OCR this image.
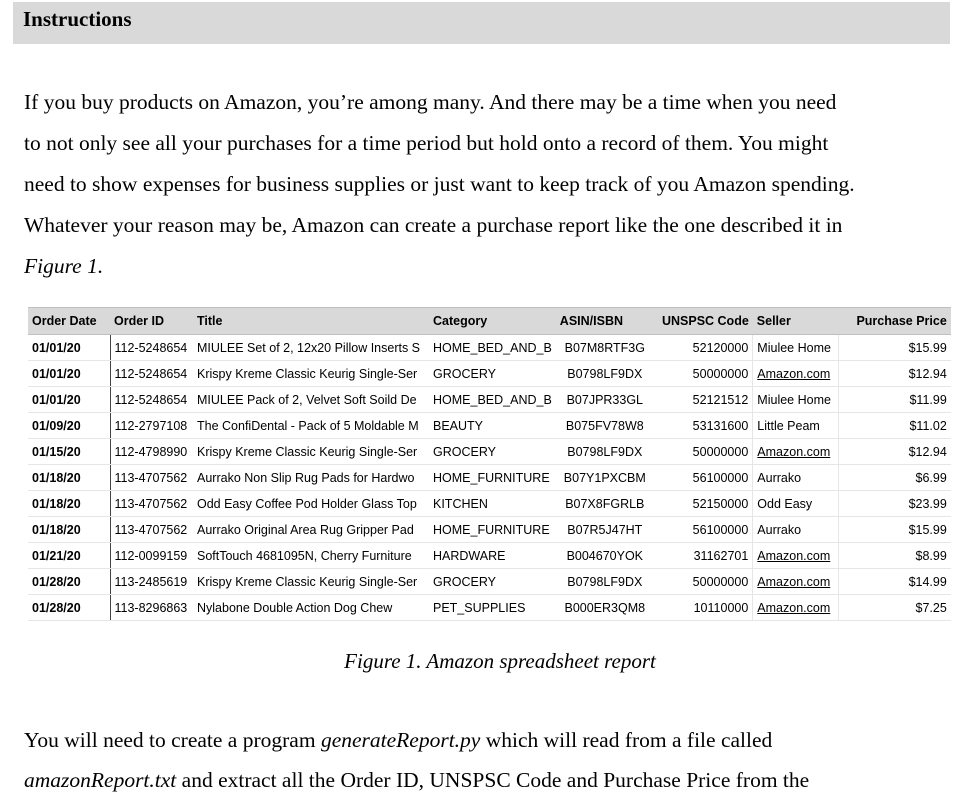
Instructions
If you buy products on Amazon, you’re among many. And there may be a time when you need
to not only see all your purchases for a time period but hold onto a record of them. You might
need to show expenses for business supplies or just want to keep track of you Amazon spending.
Whatever your reason may be, Amazon can create a purchase report like the one described it in
Figure 1.
Order Date	Order ID	Title	Category	ASIN/ISBN	UNSPSC Code	Seller	Purchase Price
01/01/20	112-5248654	MIULEE Set of 2, 12x20 Pillow Inserts S	HOME_BED_AND_B	B07M8RTF3G	52120000	Miulee Home	$15.99
01/01/20	112-5248654	Krispy Kreme Classic Keurig Single-Ser	GROCERY	B0798LF9DX	50000000	Amazon.com	$12.94
01/01/20	112-5248654	MIULEE Pack of 2, Velvet Soft Soild De	HOME_BED_AND_B	B07JPR33GL	52121512	Miulee Home	$11.99
01/09/20	112-2797108	The ConfiDental - Pack of 5 Moldable M	BEAUTY	B075FV78W8	53131600	Little Peam	$11.02
01/15/20	112-4798990	Krispy Kreme Classic Keurig Single-Ser	GROCERY	B0798LF9DX	50000000	Amazon.com	$12.94
01/18/20	113-4707562	Aurrako Non Slip Rug Pads for Hardwo	HOME_FURNITURE	B07Y1PXCBM	56100000	Aurrako	$6.99
01/18/20	113-4707562	Odd Easy Coffee Pod Holder Glass Top	KITCHEN	B07X8FGRLB	52150000	Odd Easy	$23.99
01/18/20	113-4707562	Aurrako Original Area Rug Gripper Pad	HOME_FURNITURE	B07R5J47HT	56100000	Aurrako	$15.99
01/21/20	112-0099159	SoftTouch 4681095N, Cherry Furniture	HARDWARE	B004670YOK	31162701	Amazon.com	$8.99
01/28/20	113-2485619	Krispy Kreme Classic Keurig Single-Ser	GROCERY	B0798LF9DX	50000000	Amazon.com	$14.99
01/28/20	113-8296863	Nylabone Double Action Dog Chew	PET_SUPPLIES	B000ER3QM8	10110000	Amazon.com	$7.25
Figure 1. Amazon spreadsheet report
You will need to create a program generateReport.py which will read from a file called
amazonReport.txt and extract all the Order ID, UNSPSC Code and Purchase Price from the
